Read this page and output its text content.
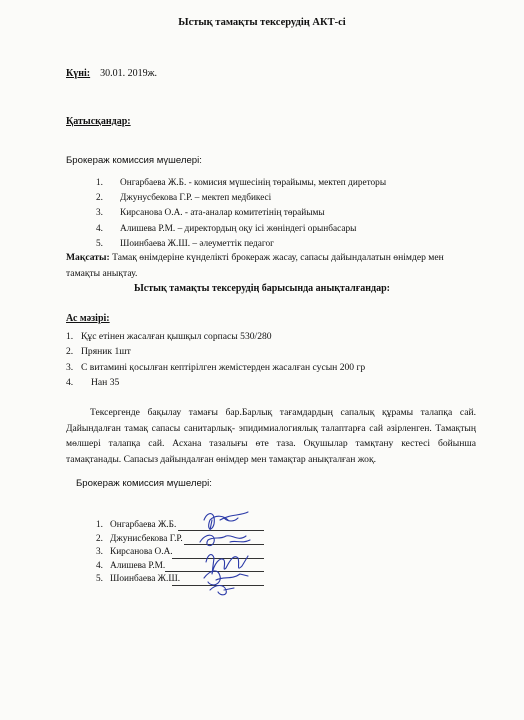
Ыстық тамақты тексерудің АКТ-сі
Күні: 30.01. 2019ж.
Қатысқандар:
Брокераж комиссия мүшелері:
1. Онгарбаева Ж.Б. - комисия мүшесінің төрайымы, мектеп диреторы
2. Джунусбекова Г.Р. – мектеп медбикесі
3. Кирсанова О.А. - ата-аналар комитетінің төрайымы
4. Алишева Р.М. – директордың оқу ісі жөніндегі орынбасары
5. Шоинбаева Ж.Ш. – әлеуметтік педагог
Мақсаты: Тамақ өнімдеріне күнделікті брокераж жасау, сапасы дайындалатын өнімдер мен тамақты анықтау.
Ыстық тамақты тексерудің барысында анықталғандар:
Ас мәзірі:
1. Құс етінен жасалған қышқыл сорпасы 530/280
2. Пряник 1шт
3. С витамині қосылған кептірілген жемістерден жасалған сусын 200 гр
4. Нан 35
Тексергенде бақылау тамағы бар.Барлық тағамдардың сапалық құрамы талапқа сай. Дайындалған тамақ сапасы санитарлық- эпидимиалогиялық талаптарға сай әзірленген. Тамақтың мөлшері талапқа сай. Асхана тазалығы өте таза. Оқушылар тамқтану кестесі бойынша тамақтанады. Сапасыз дайындалған өнімдер мен тамақтар анықталған жоқ.
Брокераж комиссия мүшелері:
1. Онгарбаева Ж.Б.
2. Джунисбекова Г.Р.
3. Кирсанова О.А.
4. Алишева Р.М.
5. Шоинбаева Ж.Ш.
